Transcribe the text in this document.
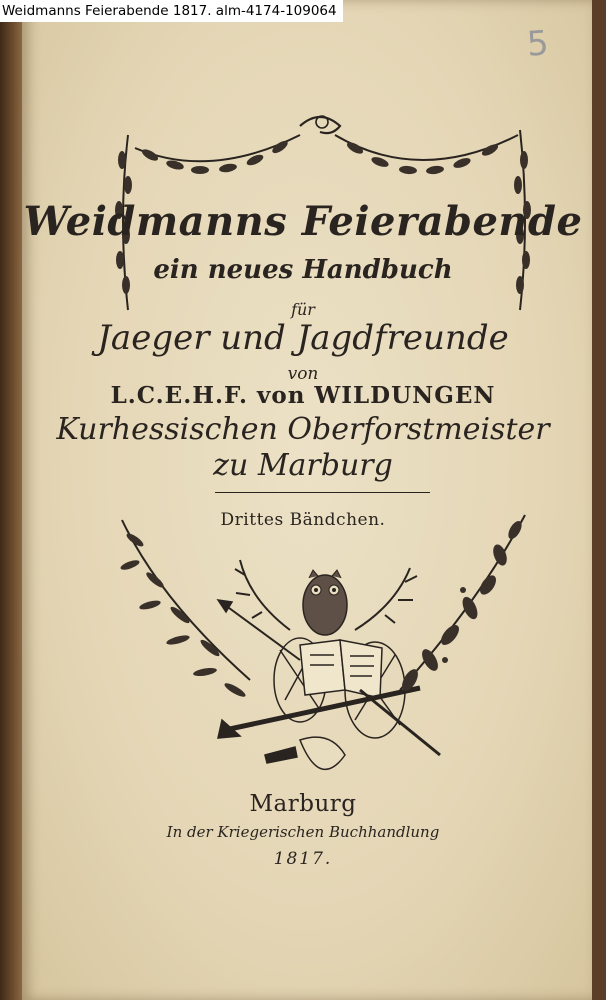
Weidmanns Feierabende 1817. alm-4174-109064
5
Weidmanns Feierabende
ein neues Handbuch
für
Jaeger und Jagdfreunde
von
L.C.E.H.F. von WILDUNGEN
Kurhessischen Oberforstmeister
zu Marburg
Drittes Bändchen.
Marburg
In der Kriegerischen Buchhandlung
1817.
